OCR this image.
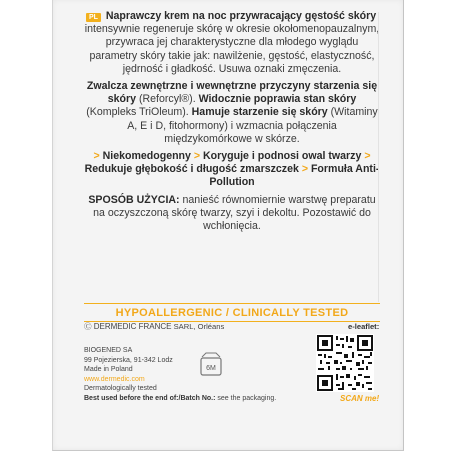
PL Naprawczy krem na noc przywracający gęstość skóry intensywnie regeneruje skórę w okresie okołomenopauzalnym, przywraca jej charakterystyczne dla młodego wyglądu parametry skóry takie jak: nawilżenie, gęstość, elastyczność, jędrność i gładkość. Usuwa oznaki zmęczenia.

Zwalcza zewnętrzne i wewnętrzne przyczyny starzenia się skóry (Reforcyl®). Widocznie poprawia stan skóry (Kompleks TriOleum). Hamuje starzenie się skóry (Witaminy A, E i D, fitohormony) i wzmacnia połączenia międzykomórkowe w skórze.

> Niekomedogenny > Koryguje i podnosi owal twarzy > Redukuje głębokość i długość zmarszczek > Formuła Anti-Pollution

SPOSÓB UŻYCIA: nanieść równomiernie warstwę preparatu na oczyszczoną skórę twarzy, szyi i dekoltu. Pozostawić do wchłonięcia.

HYPOALLERGENIC / CLINICALLY TESTED
Ⓒ DERMEDIC FRANCE SARL, Orléans
BIOGENED SA
99 Pojezierska, 91-342 Lodz
Made in Poland
www.dermedic.com
Dermatologically tested
Best used before the end of:/Batch No.: see the packaging.
6M
e-leaflet:
SCAN me!
